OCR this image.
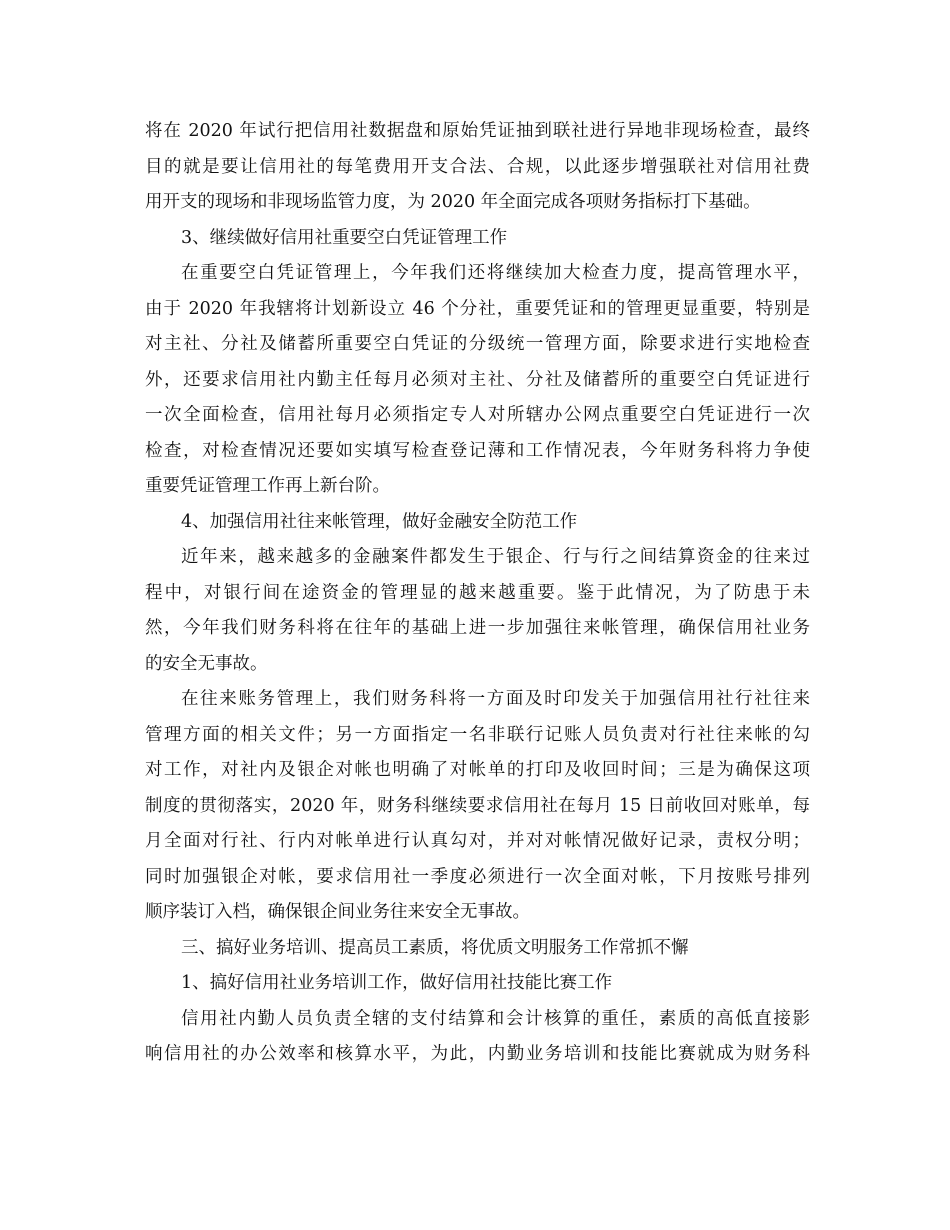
将在 2020 年试行把信用社数据盘和原始凭证抽到联社进行异地非现场检查，最终
目的就是要让信用社的每笔费用开支合法、合规，以此逐步增强联社对信用社费
用开支的现场和非现场监管力度，为 2020 年全面完成各项财务指标打下基础。

3、继续做好信用社重要空白凭证管理工作

在重要空白凭证管理上，今年我们还将继续加大检查力度，提高管理水平，
由于 2020 年我辖将计划新设立 46 个分社，重要凭证和的管理更显重要，特别是
对主社、分社及储蓄所重要空白凭证的分级统一管理方面，除要求进行实地检查
外，还要求信用社内勤主任每月必须对主社、分社及储蓄所的重要空白凭证进行
一次全面检查，信用社每月必须指定专人对所辖办公网点重要空白凭证进行一次
检查，对检查情况还要如实填写检查登记薄和工作情况表，今年财务科将力争使
重要凭证管理工作再上新台阶。

4、加强信用社往来帐管理，做好金融安全防范工作

近年来，越来越多的金融案件都发生于银企、行与行之间结算资金的往来过
程中，对银行间在途资金的管理显的越来越重要。鉴于此情况，为了防患于未
然，今年我们财务科将在往年的基础上进一步加强往来帐管理，确保信用社业务
的安全无事故。

在往来账务管理上，我们财务科将一方面及时印发关于加强信用社行社往来
管理方面的相关文件；另一方面指定一名非联行记账人员负责对行社往来帐的勾
对工作，对社内及银企对帐也明确了对帐单的打印及收回时间；三是为确保这项
制度的贯彻落实，2020 年，财务科继续要求信用社在每月 15 日前收回对账单，每
月全面对行社、行内对帐单进行认真勾对，并对对帐情况做好记录，责权分明；
同时加强银企对帐，要求信用社一季度必须进行一次全面对帐，下月按账号排列
顺序装订入档，确保银企间业务往来安全无事故。

三、搞好业务培训、提高员工素质，将优质文明服务工作常抓不懈

1、搞好信用社业务培训工作，做好信用社技能比赛工作

信用社内勤人员负责全辖的支付结算和会计核算的重任，素质的高低直接影
响信用社的办公效率和核算水平，为此，内勤业务培训和技能比赛就成为财务科
